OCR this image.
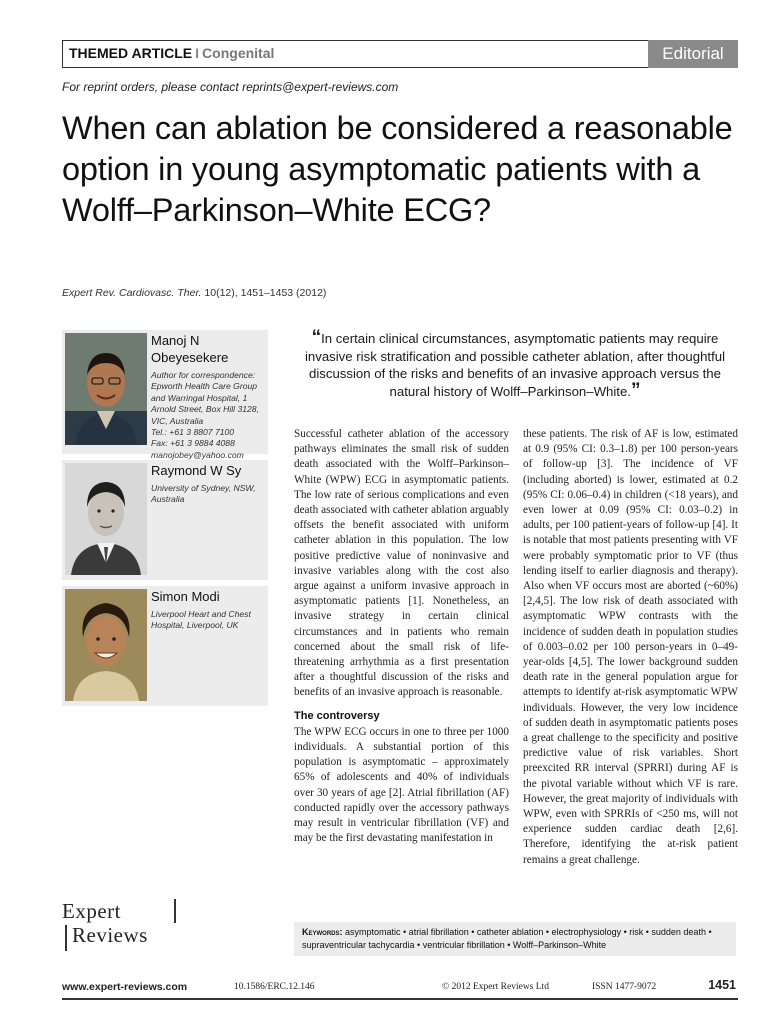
THEMED ARTICLE I Congenital	Editorial
For reprint orders, please contact reprints@expert-reviews.com
When can ablation be considered a reasonable option in young asymptomatic patients with a Wolff–Parkinson–White ECG?
Expert Rev. Cardiovasc. Ther. 10(12), 1451–1453 (2012)
Manoj N Obeyesekere
Author for correspondence:
Epworth Health Care Group
and Warringal Hospital, 1
Arnold Street, Box Hill 3128,
VIC, Australia
Tel.: +61 3 8807 7100
Fax: +61 3 9884 4088
manojobey@yahoo.com
Raymond W Sy
University of Sydney, NSW,
Australia
Simon Modi
Liverpool Heart and Chest
Hospital, Liverpool, UK
“In certain clinical circumstances, asymptomatic patients may require invasive risk stratification and possible catheter ablation, after thoughtful discussion of the risks and benefits of an invasive approach versus the natural history of Wolff–Parkinson–White.”

Successful catheter ablation of the accessory pathways eliminates the small risk of sudden death associated with the Wolff–Parkinson–White (WPW) ECG in asymptomatic patients. The low rate of serious complications and even death associated with catheter ablation arguably offsets the benefit associated with uniform catheter ablation in this population. The low positive predictive value of noninvasive and invasive variables along with the cost also argue against a uniform invasive approach in asymptomatic patients [1]. Nonetheless, an invasive strategy in certain clinical circumstances and in patients who remain concerned about the small risk of life-threatening arrhythmia as a first presentation after a thoughtful discussion of the risks and benefits of an invasive approach is reasonable.

The controversy

The WPW ECG occurs in one to three per 1000 individuals. A substantial portion of this population is asymptomatic – approximately 65% of adolescents and 40% of individuals over 30 years of age [2]. Atrial fibrillation (AF) conducted rapidly over the accessory pathways may result in ventricular fibrillation (VF) and may be the first devastating manifestation in

these patients. The risk of AF is low, estimated at 0.9 (95% CI: 0.3–1.8) per 100 person-years of follow-up [3]. The incidence of VF (including aborted) is lower, estimated at 0.2 (95% CI: 0.06–0.4) in children (<18 years), and even lower at 0.09 (95% CI: 0.03–0.2) in adults, per 100 patient-years of follow-up [4]. It is notable that most patients presenting with VF were probably symptomatic prior to VF (thus lending itself to earlier diagnosis and therapy). Also when VF occurs most are aborted (~60%) [2,4,5]. The low risk of death associated with asymptomatic WPW contrasts with the incidence of sudden death in population studies of 0.003–0.02 per 100 person-years in 0–49-year-olds [4,5]. The lower background sudden death rate in the general population argue for attempts to identify at-risk asymptomatic WPW individuals. However, the very low incidence of sudden death in asymptomatic patients poses a great challenge to the specificity and positive predictive value of risk variables. Short preexcited RR interval (SPRRI) during AF is the pivotal variable without which VF is rare. However, the great majority of individuals with WPW, even with SPRRIs of <250 ms, will not experience sudden cardiac death [2,6]. Therefore, identifying the at-risk patient remains a great challenge.

Expert
Reviews	Keywords: asymptomatic • atrial fibrillation • catheter ablation • electrophysiology • risk • sudden death • supraventricular tachycardia • ventricular fibrillation • Wolff–Parkinson–White
www.expert-reviews.com	10.1586/ERC.12.146	© 2012 Expert Reviews Ltd	ISSN 1477-9072	1451
